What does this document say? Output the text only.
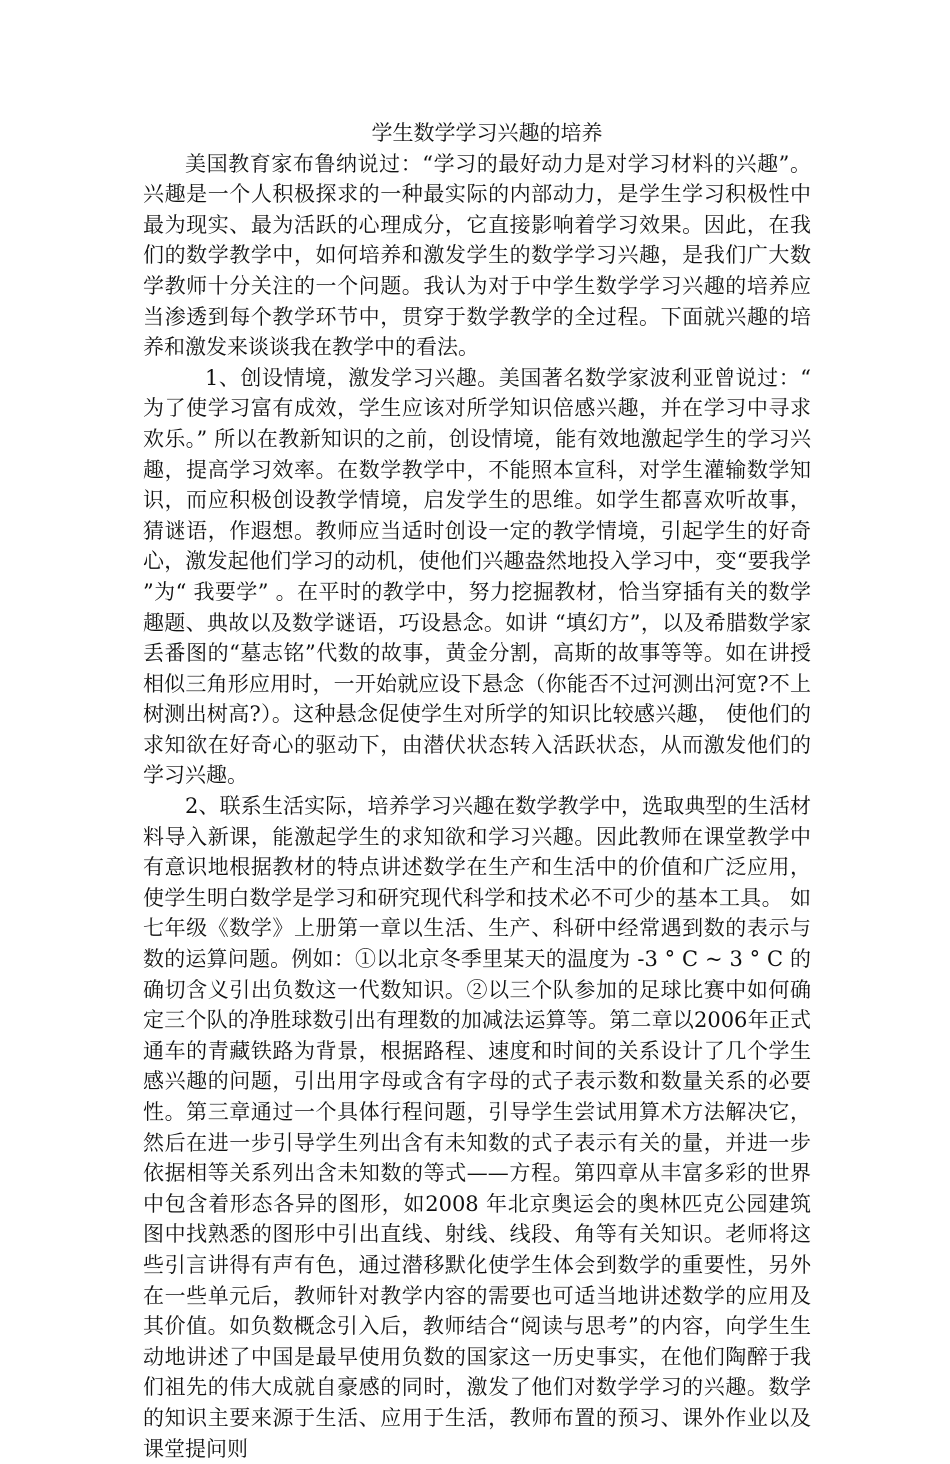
学生数学学习兴趣的培养

美国教育家布鲁纳说过：“学习的最好动力是对学习材料的兴趣”。兴趣是一个人积极探求的一种最实际的内部动力，是学生学习积极性中最为现实、最为活跃的心理成分，它直接影响着学习效果。因此，在我们的数学教学中，如何培养和激发学生的数学学习兴趣，是我们广大数学教师十分关注的一个问题。我认为对于中学生数学学习兴趣的培养应当渗透到每个教学环节中，贯穿于数学教学的全过程。下面就兴趣的培养和激发来谈谈我在教学中的看法。

1、创设情境，激发学习兴趣。美国著名数学家波利亚曾说过：“为了使学习富有成效，学生应该对所学知识倍感兴趣，并在学习中寻求欢乐。” 所以在教新知识的之前，创设情境，能有效地激起学生的学习兴趣，提高学习效率。在数学教学中，不能照本宣科，对学生灌输数学知识，而应积极创设教学情境，启发学生的思维。如学生都喜欢听故事，猜谜语，作遐想。教师应当适时创设一定的教学情境，引起学生的好奇心，激发起他们学习的动机，使他们兴趣盎然地投入学习中，变“要我学”为“ 我要学” 。在平时的教学中，努力挖掘教材，恰当穿插有关的数学趣题、典故以及数学谜语，巧设悬念。如讲 “填幻方”，以及希腊数学家丢番图的“墓志铭”代数的故事，黄金分割，高斯的故事等等。如在讲授相似三角形应用时，一开始就应设下悬念（你能否不过河测出河宽?不上树测出树高?）。这种悬念促使学生对所学的知识比较感兴趣， 使他们的求知欲在好奇心的驱动下，由潜伏状态转入活跃状态，从而激发他们的学习兴趣。

2、联系生活实际，培养学习兴趣在数学教学中，选取典型的生活材料导入新课，能激起学生的求知欲和学习兴趣。因此教师在课堂教学中有意识地根据教材的特点讲述数学在生产和生活中的价值和广泛应用，使学生明白数学是学习和研究现代科学和技术必不可少的基本工具。 如七年级《数学》上册第一章以生活、生产、科研中经常遇到数的表示与数的运算问题。例如：①以北京冬季里某天的温度为 -3 ° C ~ 3 ° C 的确切含义引出负数这一代数知识。②以三个队参加的足球比赛中如何确定三个队的净胜球数引出有理数的加减法运算等。第二章以2006年正式通车的青藏铁路为背景，根据路程、速度和时间的关系设计了几个学生感兴趣的问题，引出用字母或含有字母的式子表示数和数量关系的必要性。第三章通过一个具体行程问题，引导学生尝试用算术方法解决它，然后在进一步引导学生列出含有未知数的式子表示有关的量，并进一步依据相等关系列出含未知数的等式——方程。第四章从丰富多彩的世界中包含着形态各异的图形，如2008 年北京奥运会的奥林匹克公园建筑图中找熟悉的图形中引出直线、射线、线段、角等有关知识。老师将这些引言讲得有声有色，通过潜移默化使学生体会到数学的重要性，另外在一些单元后，教师针对教学内容的需要也可适当地讲述数学的应用及其价值。如负数概念引入后，教师结合“阅读与思考”的内容，向学生生动地讲述了中国是最早使用负数的国家这一历史事实，在他们陶醉于我们祖先的伟大成就自豪感的同时，激发了他们对数学学习的兴趣。数学的知识主要来源于生活、应用于生活，教师布置的预习、课外作业以及课堂提问则
